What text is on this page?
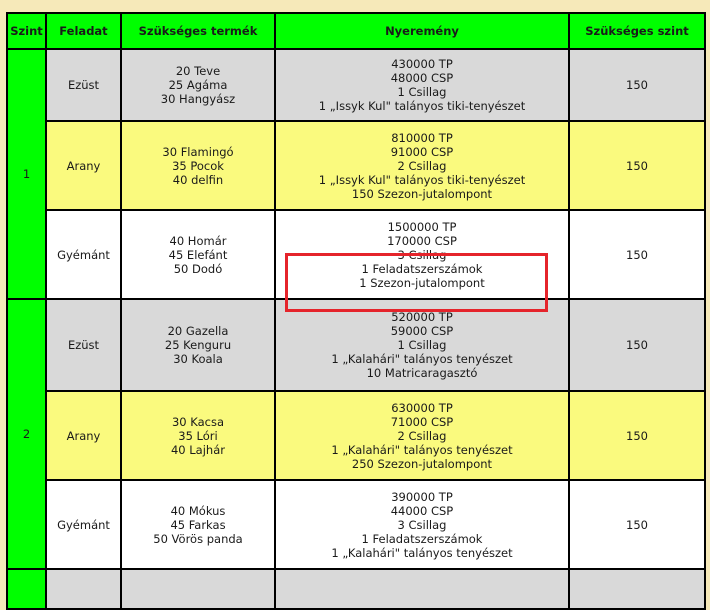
Szint	Feladat	Szükséges termék	Nyeremény	Szükséges szint
1	Ezüst	20 Teve
25 Agáma
30 Hangyász	430000 TP
48000 CSP
1 Csillag
1 „Issyk Kul" talányos tiki-tenyészet	150
	Arany	30 Flamingó
35 Pocok
40 delfin	810000 TP
91000 CSP
2 Csillag
1 „Issyk Kul" talányos tiki-tenyészet
150 Szezon-jutalompont	150
	Gyémánt	40 Homár
45 Elefánt
50 Dodó	1500000 TP
170000 CSP
3 Csillag
1 Feladatszerszámok
1 Szezon-jutalompont	150
2	Ezüst	20 Gazella
25 Kenguru
30 Koala	520000 TP
59000 CSP
1 Csillag
1 „Kalahári" talányos tenyészet
10 Matricaragasztó	150
	Arany	30 Kacsa
35 Lóri
40 Lajhár	630000 TP
71000 CSP
2 Csillag
1 „Kalahári" talányos tenyészet
250 Szezon-jutalompont	150
	Gyémánt	40 Mókus
45 Farkas
50 Vörös panda	390000 TP
44000 CSP
3 Csillag
1 Feladatszerszámok
1 „Kalahári" talányos tenyészet	150
